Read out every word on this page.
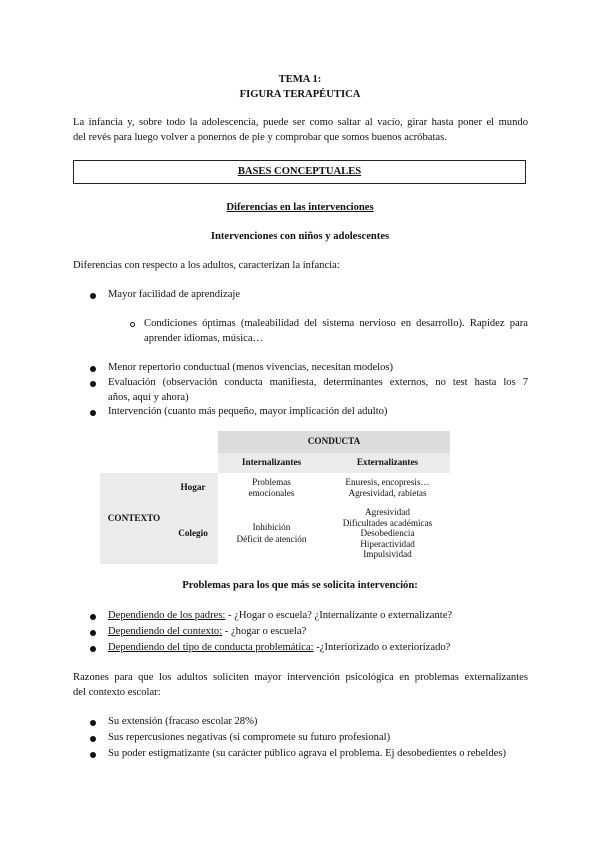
TEMA 1:
FIGURA TERAPÉUTICA
La infancia y, sobre todo la adolescencia, puede ser como saltar al vacío, girar hasta poner el mundo
del revés para luego volver a ponernos de pie y comprobar que somos buenos acróbatas.
BASES CONCEPTUALES
Diferencias en las intervenciones
Intervenciones con niños y adolescentes
Diferencias con respecto a los adultos, caracterizan la infancia:
Mayor facilidad de aprendizaje
Condiciones óptimas (maleabilidad del sistema nervioso en desarrollo). Rapidez para
aprender idiomas, música…
Menor repertorio conductual (menos vivencias, necesitan modelos)
Evaluación (observación conducta manifiesta, determinantes externos, no test hasta los 7
años, aquí y ahora)
Intervención (cuanto más pequeño, mayor implicación del adulto)
CONDUCTA
Internalizantes	Externalizantes
CONTEXTO
Hogar
Colegio
Problemas
emocionales
Enuresis, encopresis…
Agresividad, rabietas
Inhibición
Déficit de atención
Agresividad
Dificultades académicas
Desobediencia
Hiperactividad
Impulsividad
Problemas para los que más se solicita intervención:
Dependiendo de los padres: - ¿Hogar o escuela? ¿Internalizante o externalizante?
Dependiendo del contexto: - ¿hogar o escuela?
Dependiendo del tipo de conducta problemática: -¿Interiorizado o exteriorizado?
Razones para que los adultos soliciten mayor intervención psicológica en problemas externalizantes
del contexto escolar:
Su extensión (fracaso escolar 28%)
Sus repercusiones negativas (si compromete su futuro profesional)
Su poder estigmatizante (su carácter público agrava el problema. Ej desobedientes o rebeldes)
